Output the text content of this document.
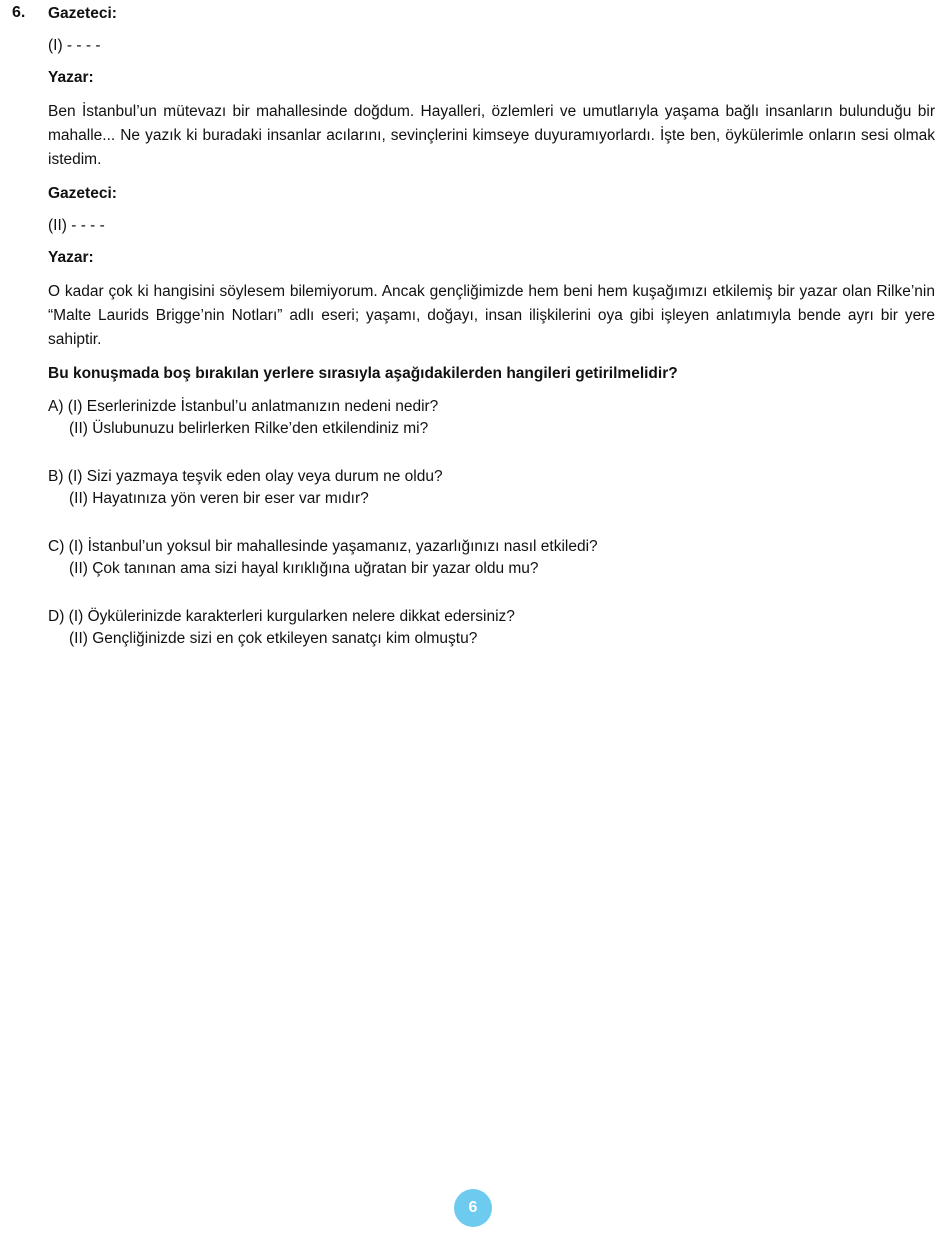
6. Gazeteci:

(I) - - - -

Yazar:

Ben İstanbul’un mütevazı bir mahallesinde doğdum. Hayalleri, özlemleri ve umutlarıyla yaşama bağlı insanların bulunduğu bir mahalle... Ne yazık ki buradaki insanlar acılarını, sevinçlerini kimseye duyuramıyorlardı. İşte ben, öykülerimle onların sesi olmak istedim.

Gazeteci:

(II) - - - -

Yazar:

O kadar çok ki hangisini söylesem bilemiyorum. Ancak gençliğimizde hem beni hem kuşağımızı etkilemiş bir yazar olan Rilke’nin “Malte Laurids Brigge’nin Notları” adlı eseri; yaşamı, doğayı, insan ilişkilerini oya gibi işleyen anlatımıyla bende ayrı bir yere sahiptir.

Bu konuşmada boş bırakılan yerlere sırasıyla aşağıdakilerden hangileri getirilmelidir?

A) (I) Eserlerinizde İstanbul’u anlatmanızın nedeni nedir?
(II) Üslubunuzu belirlerken Rilke’den etkilendiniz mi?
B) (I) Sizi yazmaya teşvik eden olay veya durum ne oldu?
(II) Hayatınıza yön veren bir eser var mıdır?
C) (I) İstanbul’un yoksul bir mahallesinde yaşamanız, yazarlığınızı nasıl etkiledi?
(II) Çok tanınan ama sizi hayal kırıklığına uğratan bir yazar oldu mu?
D) (I) Öykülerinizde karakterleri kurgularken nelere dikkat edersiniz?
(II) Gençliğinizde sizi en çok etkileyen sanatçı kim olmuştu?
6
